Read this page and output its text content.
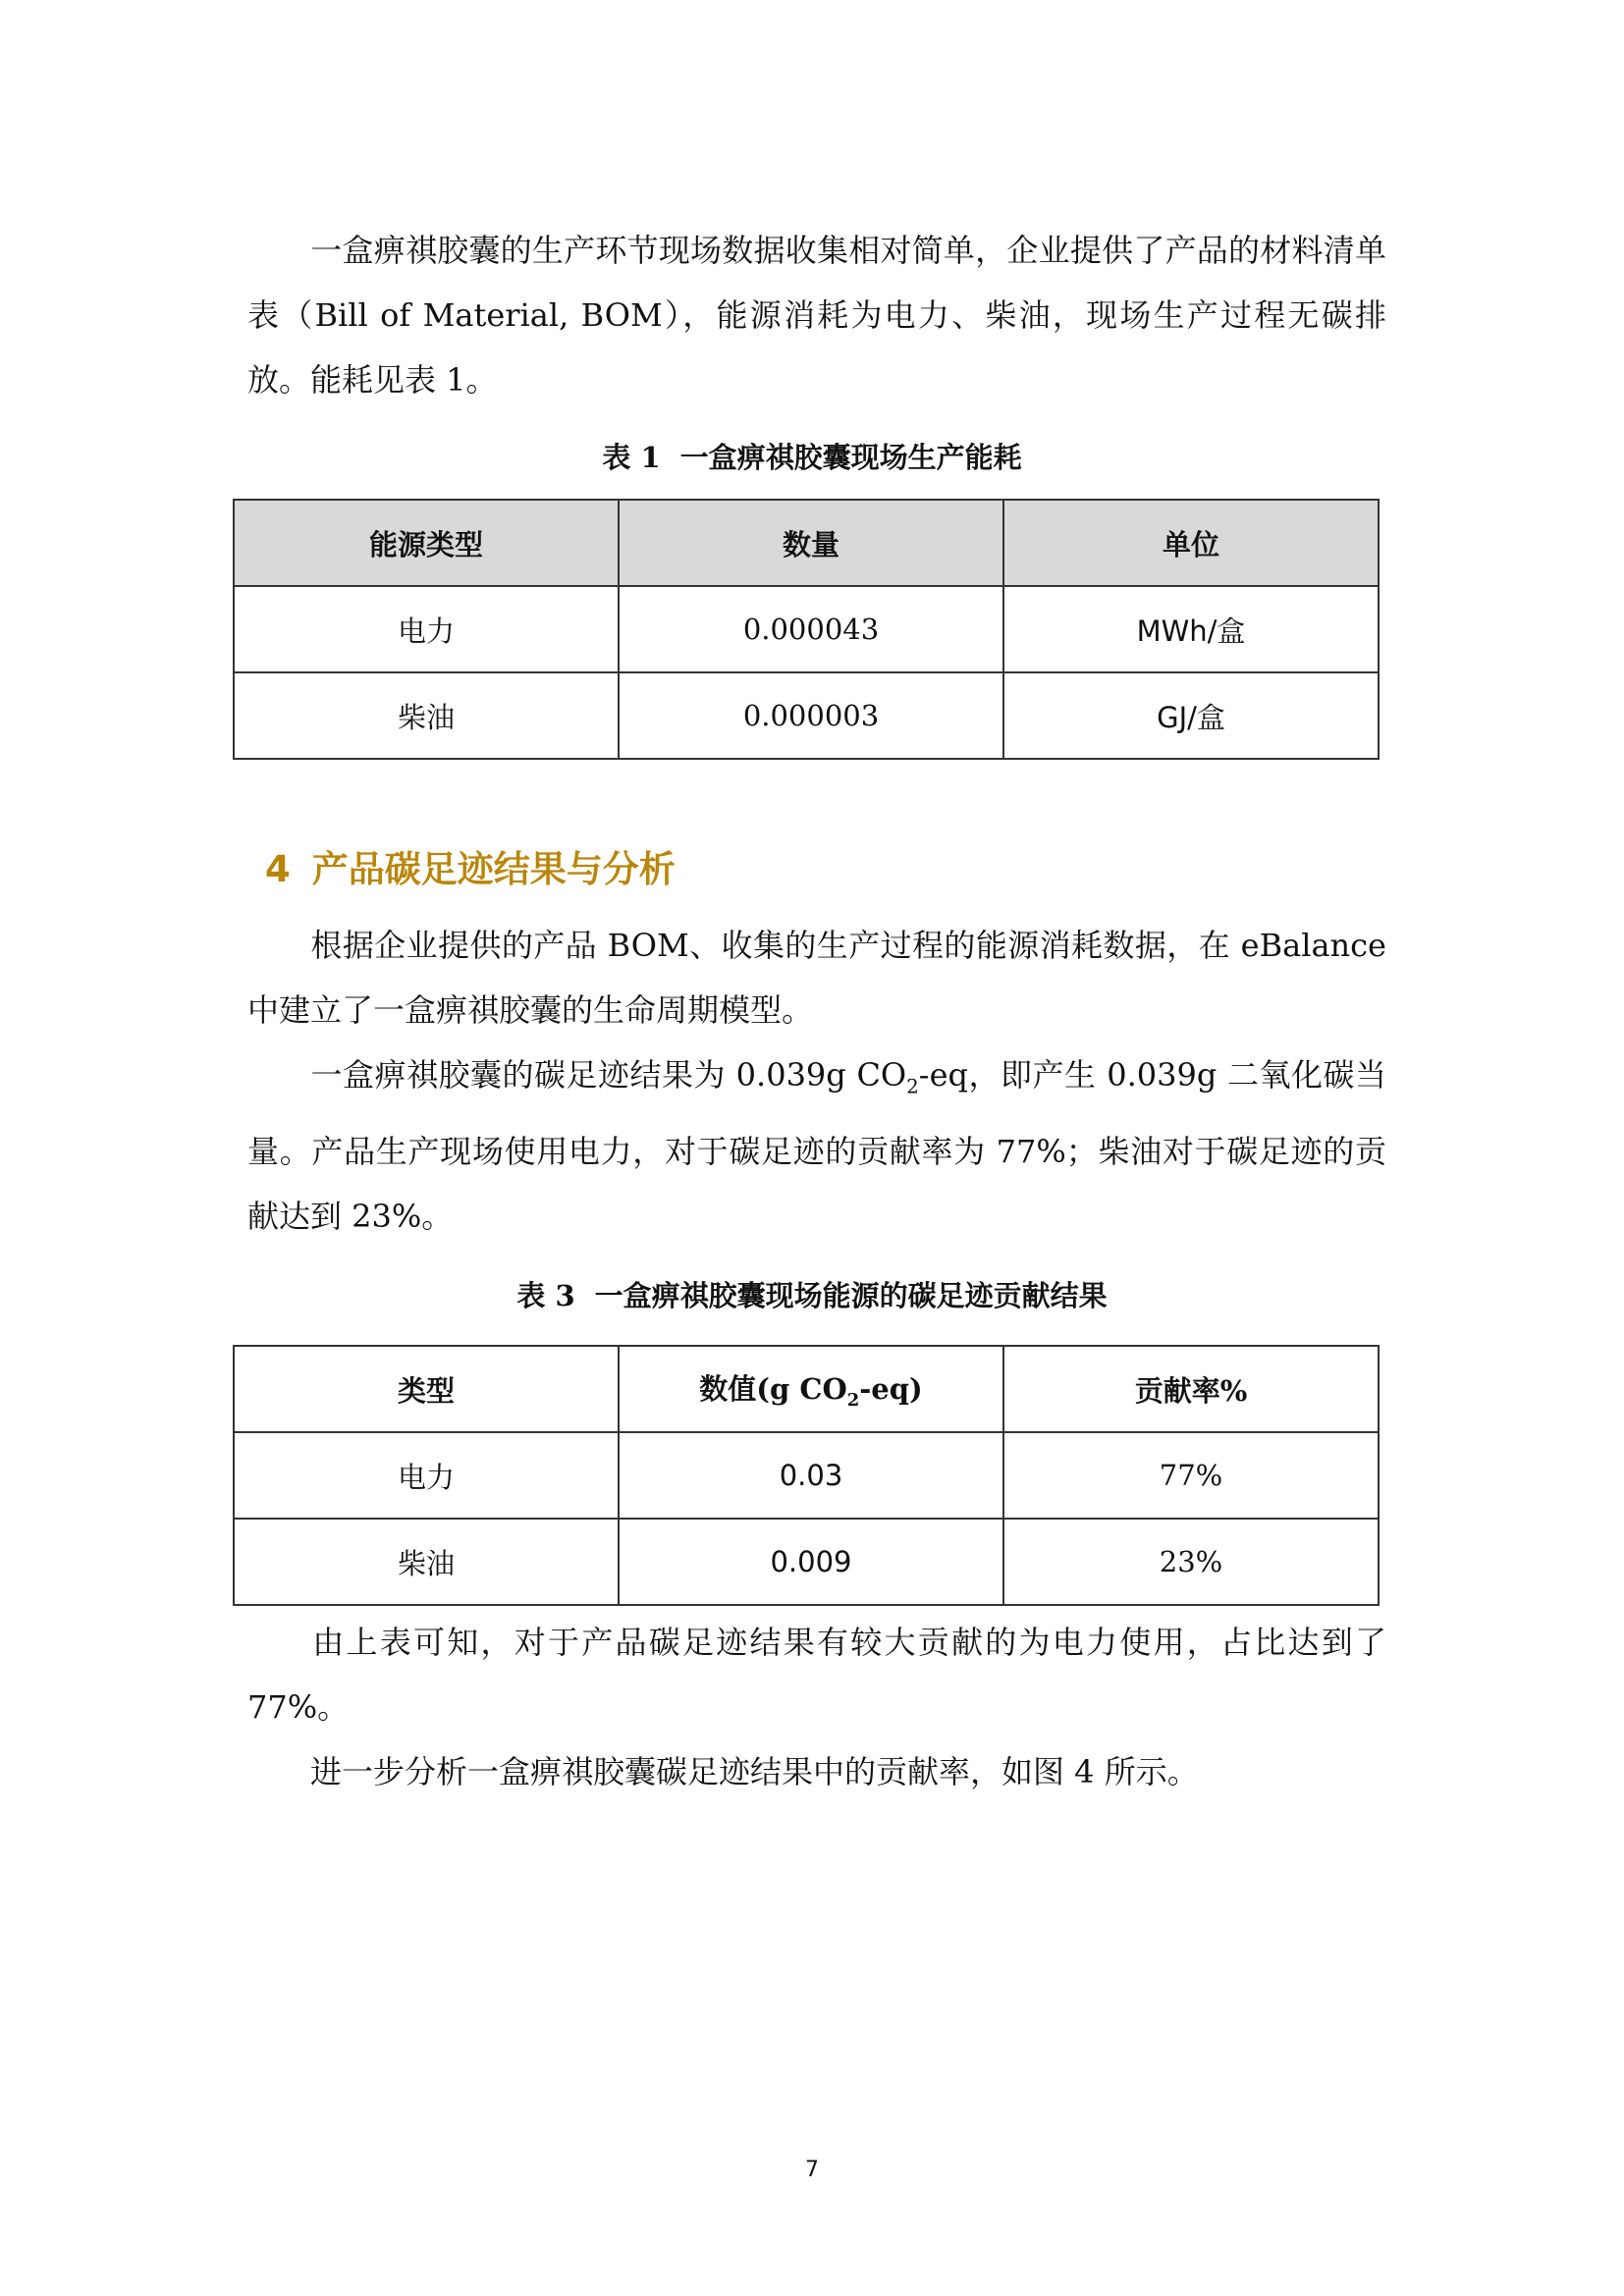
一盒痹祺胶囊的生产环节现场数据收集相对简单，企业提供了产品的材料清单表（Bill of Material, BOM），能源消耗为电力、柴油，现场生产过程无碳排放。能耗见表 1。

表 1 一盒痹祺胶囊现场生产能耗

能源类型	数量	单位
电力	0.000043	MWh/盒
柴油	0.000003	GJ/盒
4 产品碳足迹结果与分析

根据企业提供的产品 BOM、收集的生产过程的能源消耗数据，在 eBalance 中建立了一盒痹祺胶囊的生命周期模型。

一盒痹祺胶囊的碳足迹结果为 0.039g $CO_2-eq$，即产生 0.039g 二氧化碳当量。产品生产现场使用电力，对于碳足迹的贡献率为 77%；柴油对于碳足迹的贡献达到 23%。

表 3 一盒痹祺胶囊现场能源的碳足迹贡献结果

类型	数值(g $CO_2-eq$)	贡献率%
电力	0.03	77%
柴油	0.009	23%

由上表可知，对于产品碳足迹结果有较大贡献的为电力使用，占比达到了 77%。

进一步分析一盒痹祺胶囊碳足迹结果中的贡献率，如图 4 所示。

7
